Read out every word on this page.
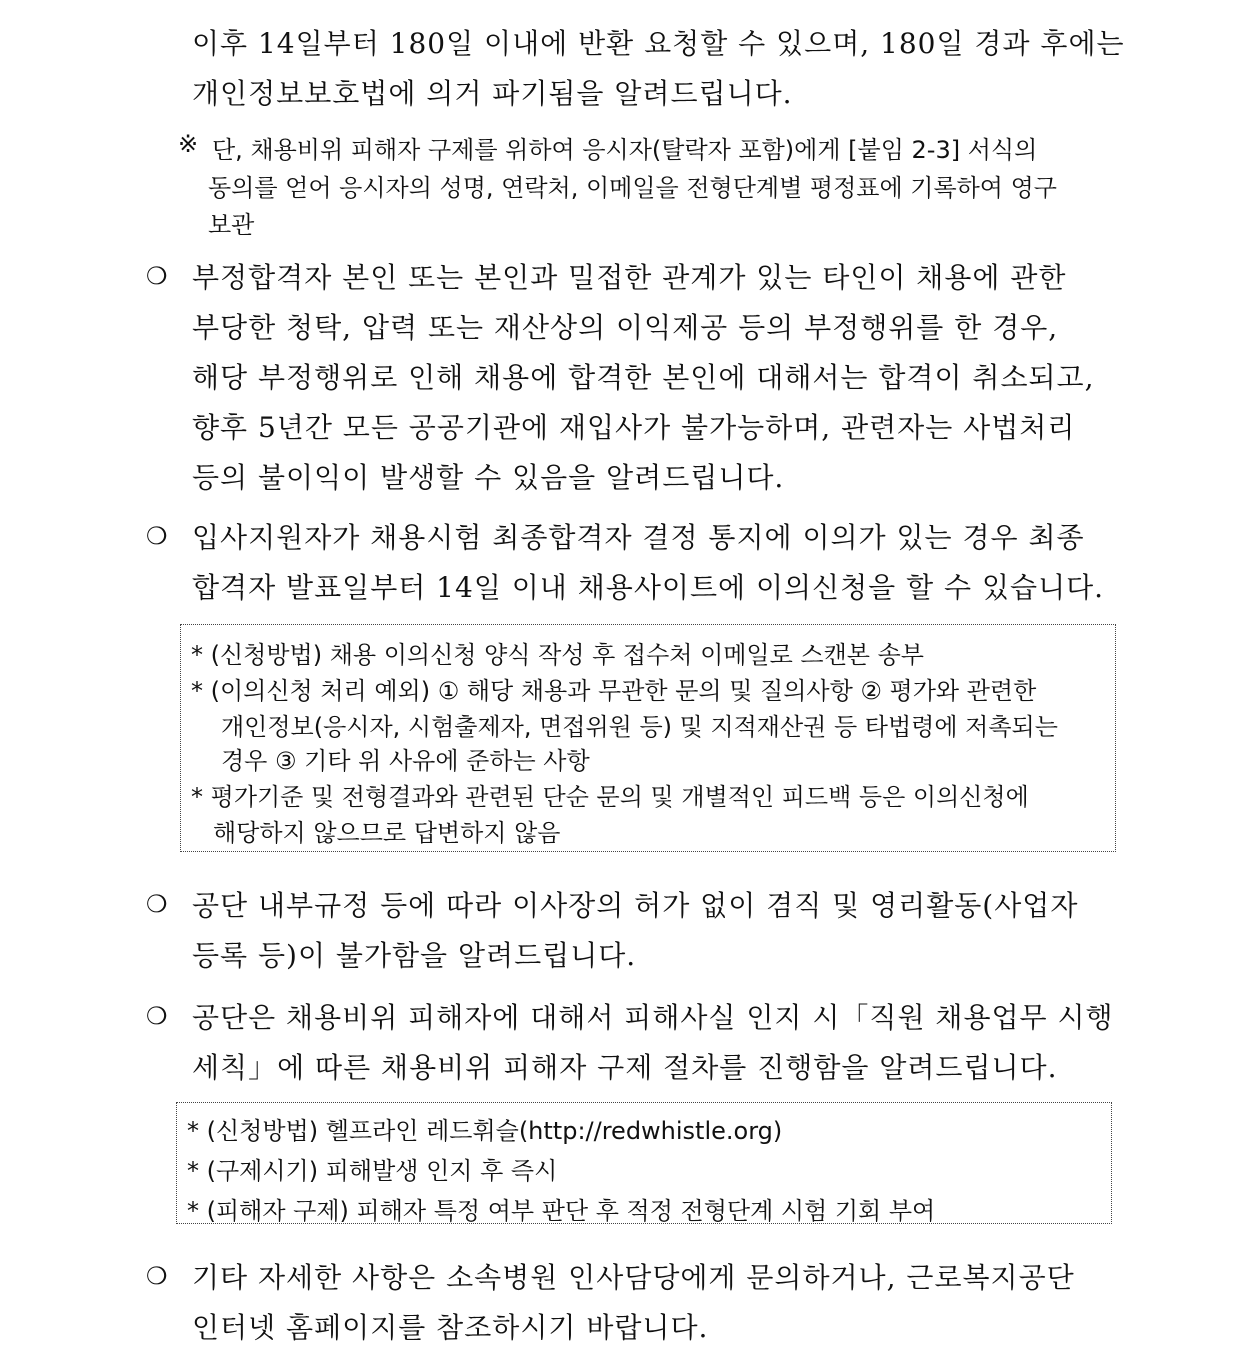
이후 14일부터 180일 이내에 반환 요청할 수 있으며, 180일 경과 후에는
개인정보보호법에 의거 파기됨을 알려드립니다.
※ 단, 채용비위 피해자 구제를 위하여 응시자(탈락자 포함)에게 [붙임 2-3] 서식의
동의를 얻어 응시자의 성명, 연락처, 이메일을 전형단계별 평정표에 기록하여 영구
보관
❍ 부정합격자 본인 또는 본인과 밀접한 관계가 있는 타인이 채용에 관한
부당한 청탁, 압력 또는 재산상의 이익제공 등의 부정행위를 한 경우,
해당 부정행위로 인해 채용에 합격한 본인에 대해서는 합격이 취소되고,
향후 5년간 모든 공공기관에 재입사가 불가능하며, 관련자는 사법처리
등의 불이익이 발생할 수 있음을 알려드립니다.
❍ 입사지원자가 채용시험 최종합격자 결정 통지에 이의가 있는 경우 최종
합격자 발표일부터 14일 이내 채용사이트에 이의신청을 할 수 있습니다.
* (신청방법) 채용 이의신청 양식 작성 후 접수처 이메일로 스캔본 송부
* (이의신청 처리 예외) ① 해당 채용과 무관한 문의 및 질의사항 ② 평가와 관련한
개인정보(응시자, 시험출제자, 면접위원 등) 및 지적재산권 등 타법령에 저촉되는
경우 ③ 기타 위 사유에 준하는 사항
* 평가기준 및 전형결과와 관련된 단순 문의 및 개별적인 피드백 등은 이의신청에
해당하지 않으므로 답변하지 않음
❍ 공단 내부규정 등에 따라 이사장의 허가 없이 겸직 및 영리활동(사업자
등록 등)이 불가함을 알려드립니다.
❍ 공단은 채용비위 피해자에 대해서 피해사실 인지 시「직원 채용업무 시행
세칙」에 따른 채용비위 피해자 구제 절차를 진행함을 알려드립니다.
* (신청방법) 헬프라인 레드휘슬(http://redwhistle.org)
* (구제시기) 피해발생 인지 후 즉시
* (피해자 구제) 피해자 특정 여부 판단 후 적정 전형단계 시험 기회 부여
❍ 기타 자세한 사항은 소속병원 인사담당에게 문의하거나, 근로복지공단
인터넷 홈페이지를 참조하시기 바랍니다.
